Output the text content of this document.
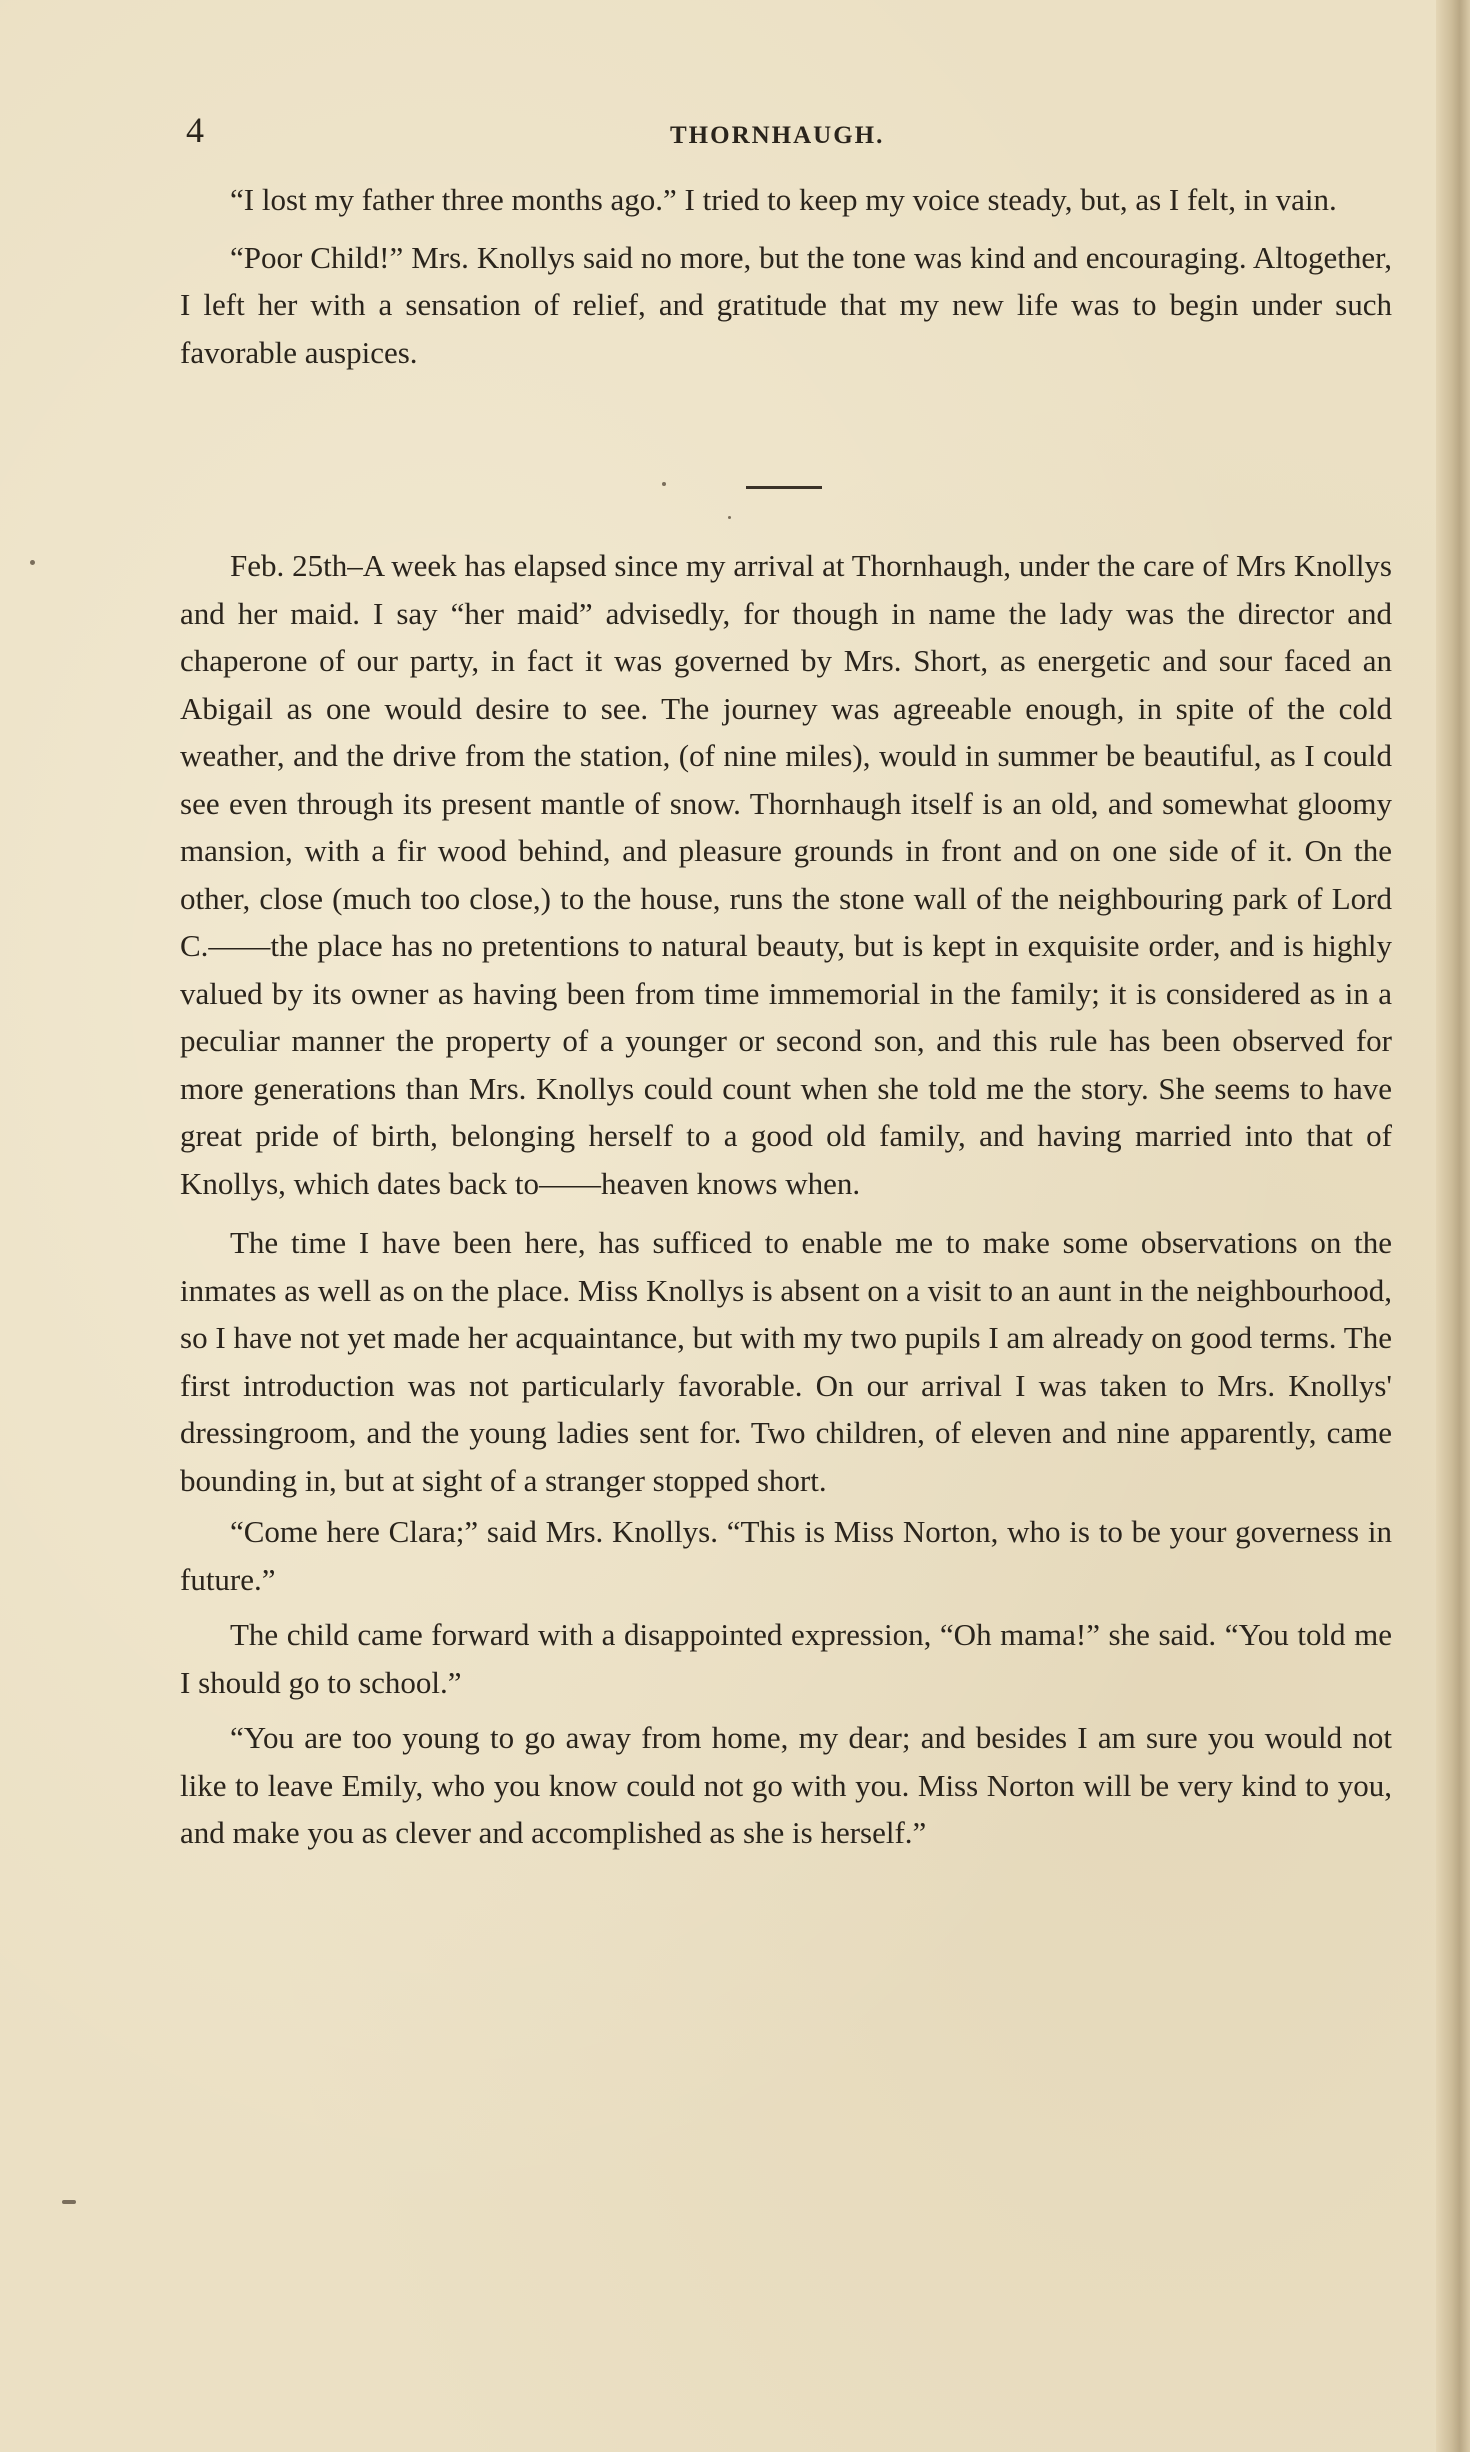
4	THORNHAUGH.

“I lost my father three months ago.” I tried to keep my voice steady, but, as I felt, in vain.

“Poor Child!” Mrs. Knollys said no more, but the tone was kind and encouraging. Altogether, I left her with a sensation of relief, and gratitude that my new life was to begin under such favorable auspices.

Feb. 25th–A week has elapsed since my arrival at Thornhaugh, under the care of Mrs Knollys and her maid. I say “her maid” advisedly, for though in name the lady was the director and chaperone of our party, in fact it was governed by Mrs. Short, as energetic and sour faced an Abigail as one would desire to see. The journey was agreeable enough, in spite of the cold weather, and the drive from the station, (of nine miles), would in summer be beautiful, as I could see even through its present mantle of snow. Thornhaugh itself is an old, and somewhat gloomy mansion, with a fir wood behind, and pleasure grounds in front and on one side of it. On the other, close (much too close,) to the house, runs the stone wall of the neighbouring park of Lord C.——the place has no pretentions to natural beauty, but is kept in exquisite order, and is highly valued by its owner as having been from time immemorial in the family; it is considered as in a peculiar manner the property of a younger or second son, and this rule has been observed for more generations than Mrs. Knollys could count when she told me the story. She seems to have great pride of birth, belonging herself to a good old family, and having married into that of Knollys, which dates back to——heaven knows when.

The time I have been here, has sufficed to enable me to make some observations on the inmates as well as on the place. Miss Knollys is absent on a visit to an aunt in the neighbourhood, so I have not yet made her acquaintance, but with my two pupils I am already on good terms. The first introduction was not particularly favorable. On our arrival I was taken to Mrs. Knollys' dressingroom, and the young ladies sent for. Two children, of eleven and nine apparently, came bounding in, but at sight of a stranger stopped short.

“Come here Clara;” said Mrs. Knollys. “This is Miss Norton, who is to be your governess in future.”

The child came forward with a disappointed expression, “Oh mama!” she said. “You told me I should go to school.”

“You are too young to go away from home, my dear; and besides I am sure you would not like to leave Emily, who you know could not go with you. Miss Norton will be very kind to you, and make you as clever and accomplished as she is herself.”
